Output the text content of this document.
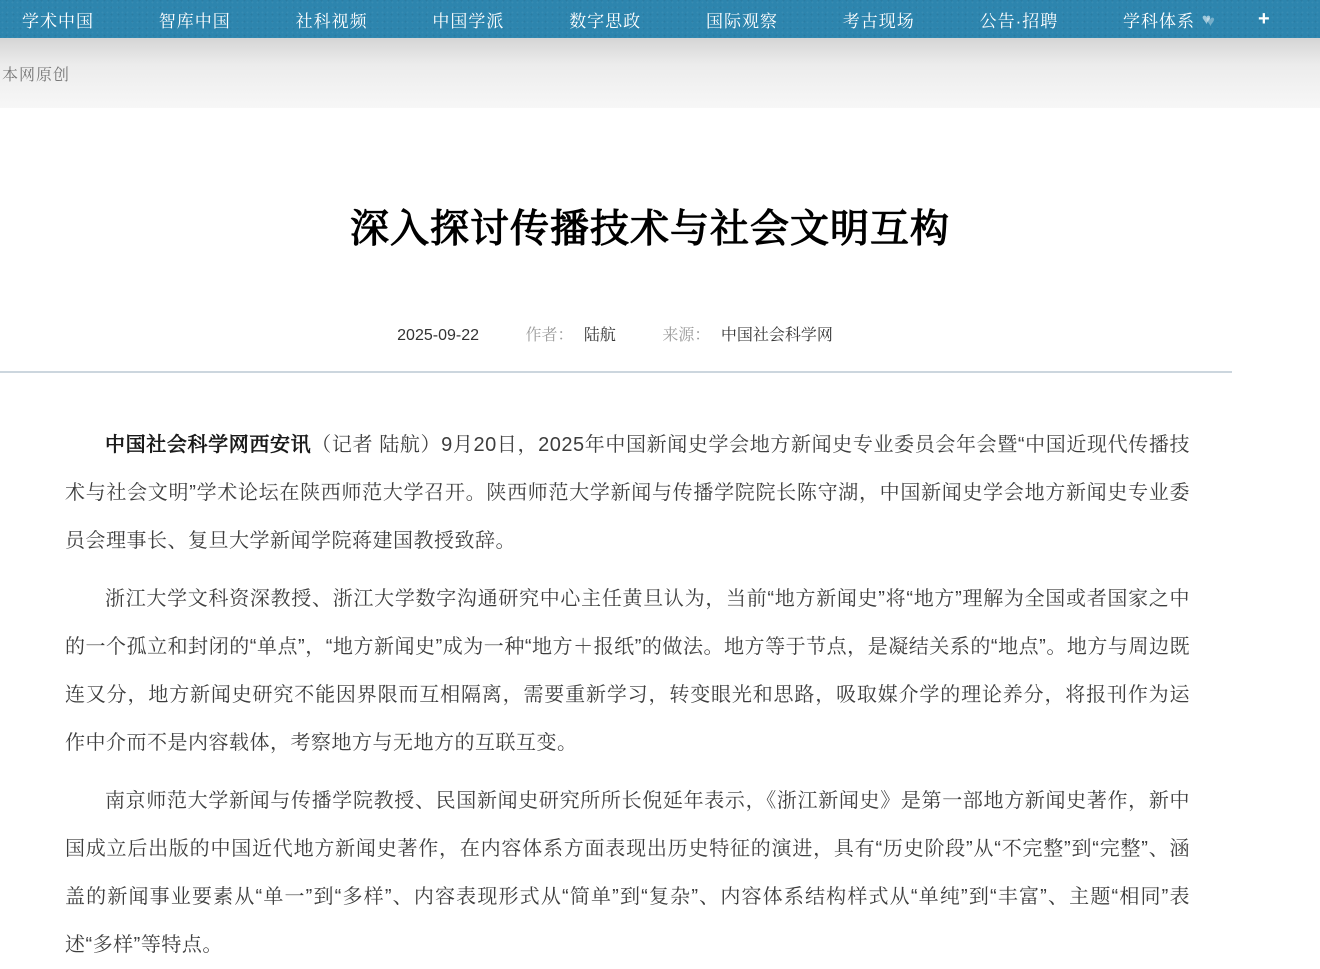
学术中国	智库中国	社科视频	中国学派	数字思政	国际观察	考古现场	公告·招聘	学科体系 ♥ +
本网原创
深入探讨传播技术与社会文明互构
2025-09-22	作者： 陆航	来源： 中国社会科学网

中国社会科学网西安讯（记者 陆航）9月20日，2025年中国新闻史学会地方新闻史专业委员会年会暨“中国近现代传播技术与社会文明”学术论坛在陕西师范大学召开。陕西师范大学新闻与传播学院院长陈守湖，中国新闻史学会地方新闻史专业委员会理事长、复旦大学新闻学院蒋建国教授致辞。

浙江大学文科资深教授、浙江大学数字沟通研究中心主任黄旦认为，当前“地方新闻史”将“地方”理解为全国或者国家之中的一个孤立和封闭的“单点”，“地方新闻史”成为一种“地方＋报纸”的做法。地方等于节点，是凝结关系的“地点”。地方与周边既连又分，地方新闻史研究不能因界限而互相隔离，需要重新学习，转变眼光和思路，吸取媒介学的理论养分，将报刊作为运作中介而不是内容载体，考察地方与无地方的互联互变。

南京师范大学新闻与传播学院教授、民国新闻史研究所所长倪延年表示，《浙江新闻史》是第一部地方新闻史著作，新中国成立后出版的中国近代地方新闻史著作，在内容体系方面表现出历史特征的演进，具有“历史阶段”从“不完整”到“完整”、涵盖的新闻事业要素从“单一”到“多样”、内容表现形式从“简单”到“复杂”、内容体系结构样式从“单纯”到“丰富”、主题“相同”表述“多样”等特点。
